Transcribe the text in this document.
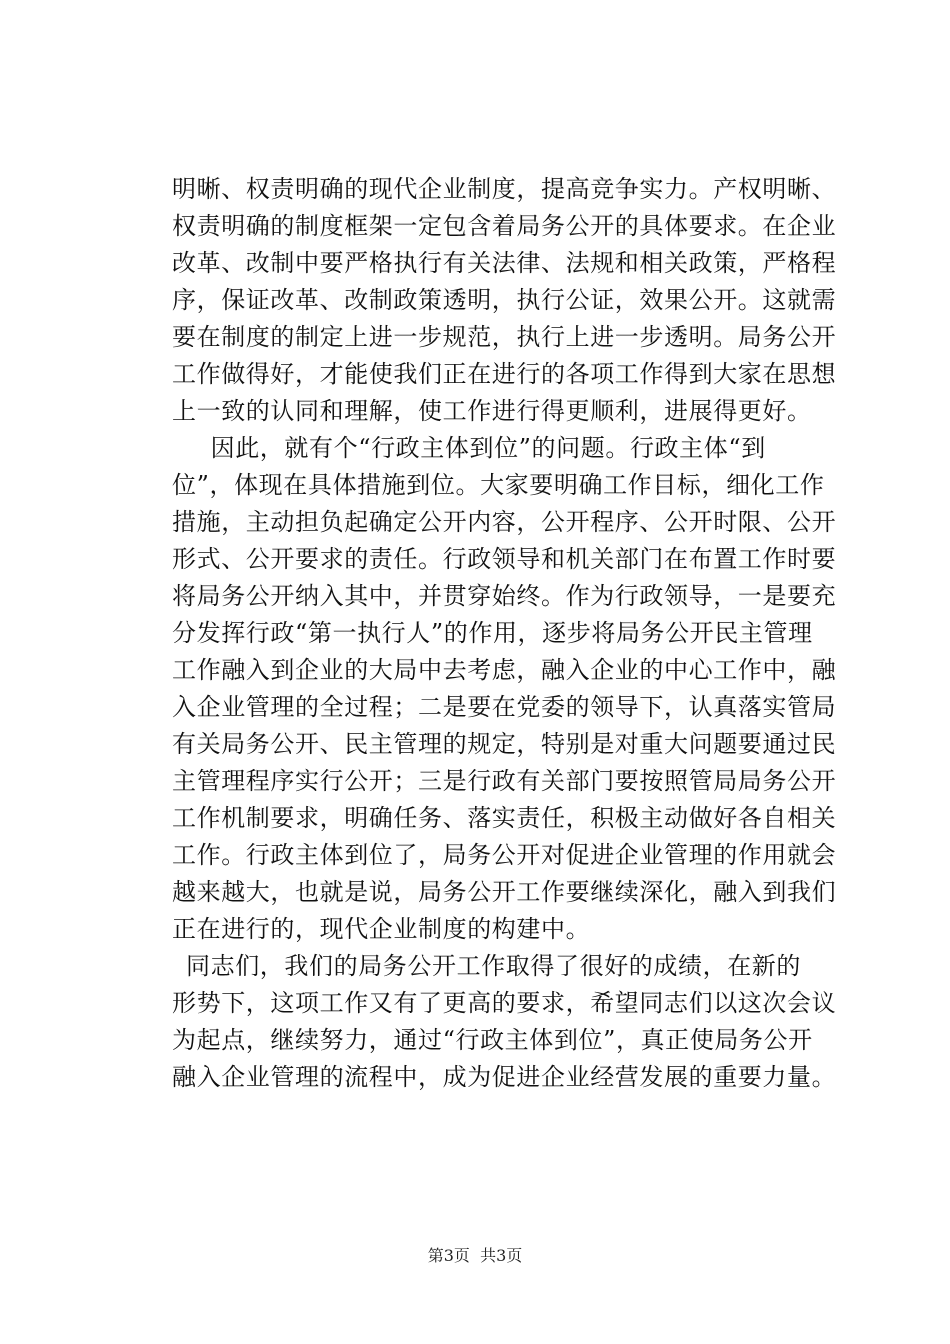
明晰、权责明确的现代企业制度，提高竞争实力。产权明晰、
权责明确的制度框架一定包含着局务公开的具体要求。在企业
改革、改制中要严格执行有关法律、法规和相关政策，严格程
序，保证改革、改制政策透明，执行公证，效果公开。这就需
要在制度的制定上进一步规范，执行上进一步透明。局务公开
工作做得好，才能使我们正在进行的各项工作得到大家在思想
上一致的认同和理解，使工作进行得更顺利，进展得更好。
　因此，就有个“行政主体到位”的问题。行政主体“到
位”，体现在具体措施到位。大家要明确工作目标，细化工作
措施，主动担负起确定公开内容，公开程序、公开时限、公开
形式、公开要求的责任。行政领导和机关部门在布置工作时要
将局务公开纳入其中，并贯穿始终。作为行政领导，一是要充
分发挥行政“第一执行人”的作用，逐步将局务公开民主管理
工作融入到企业的大局中去考虑，融入企业的中心工作中，融
入企业管理的全过程；二是要在党委的领导下，认真落实管局
有关局务公开、民主管理的规定，特别是对重大问题要通过民
主管理程序实行公开；三是行政有关部门要按照管局局务公开
工作机制要求，明确任务、落实责任，积极主动做好各自相关
工作。行政主体到位了，局务公开对促进企业管理的作用就会
越来越大，也就是说，局务公开工作要继续深化，融入到我们
正在进行的，现代企业制度的构建中。
同志们，我们的局务公开工作取得了很好的成绩，在新的
形势下，这项工作又有了更高的要求，希望同志们以这次会议
为起点，继续努力，通过“行政主体到位”，真正使局务公开
融入企业管理的流程中，成为促进企业经营发展的重要力量。
第3页  共3页
